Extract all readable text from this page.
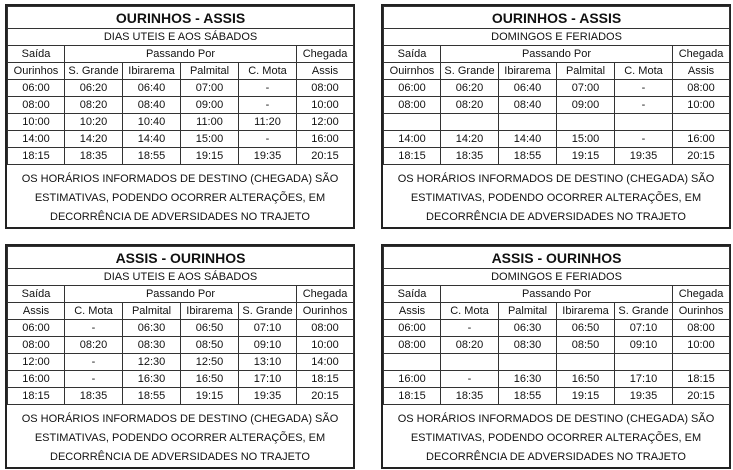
OURINHOS - ASSIS					
DIAS UTEIS E AOS SÁBADOS					
Saída	Passando Por				Chegada
Ourinhos	S. Grande	Ibirarema	Palmital	C. Mota	Assis
06:00	06:20	06:40	07:00	-	08:00
08:00	08:20	08:40	09:00	-	10:00
10:00	10:20	10:40	11:00	11:20	12:00
14:00	14:20	14:40	15:00	-	16:00
18:15	18:35	18:55	19:15	19:35	20:15
OS HORÁRIOS INFORMADOS DE DESTINO (CHEGADA) SÃO
ESTIMATIVAS, PODENDO OCORRER ALTERAÇÕES, EM
DECORRÊNCIA DE ADVERSIDADES NO TRAJETO
OURINHOS - ASSIS					
DOMINGOS E FERIADOS					
Saída	Passando Por				Chegada
Ouirnhos	S. Grande	Ibirarema	Palmital	C. Mota	Assis
06:00	06:20	06:40	07:00	-	08:00
08:00	08:20	08:40	09:00	-	10:00

14:00	14:20	14:40	15:00	-	16:00
18:15	18:35	18:55	19:15	19:35	20:15
OS HORÁRIOS INFORMADOS DE DESTINO (CHEGADA) SÃO
ESTIMATIVAS, PODENDO OCORRER ALTERAÇÕES, EM
DECORRÊNCIA DE ADVERSIDADES NO TRAJETO
ASSIS - OURINHOS					
DIAS UTEIS E AOS SÁBADOS					
Saída	Passando Por				Chegada
Assis	C. Mota	Palmital	Ibirarema	S. Grande	Ourinhos
06:00	-	06:30	06:50	07:10	08:00
08:00	08:20	08:30	08:50	09:10	10:00
12:00	-	12:30	12:50	13:10	14:00
16:00	-	16:30	16:50	17:10	18:15
18:15	18:35	18:55	19:15	19:35	20:15
OS HORÁRIOS INFORMADOS DE DESTINO (CHEGADA) SÃO
ESTIMATIVAS, PODENDO OCORRER ALTERAÇÕES, EM
DECORRÊNCIA DE ADVERSIDADES NO TRAJETO
ASSIS - OURINHOS					
DOMINGOS E FERIADOS					
Saída	Passando Por				Chegada
Assis	C. Mota	Palmital	Ibirarema	S. Grande	Ourinhos
06:00	-	06:30	06:50	07:10	08:00
08:00	08:20	08:30	08:50	09:10	10:00

16:00	-	16:30	16:50	17:10	18:15
18:15	18:35	18:55	19:15	19:35	20:15
OS HORÁRIOS INFORMADOS DE DESTINO (CHEGADA) SÃO
ESTIMATIVAS, PODENDO OCORRER ALTERAÇÕES, EM
DECORRÊNCIA DE ADVERSIDADES NO TRAJETO
